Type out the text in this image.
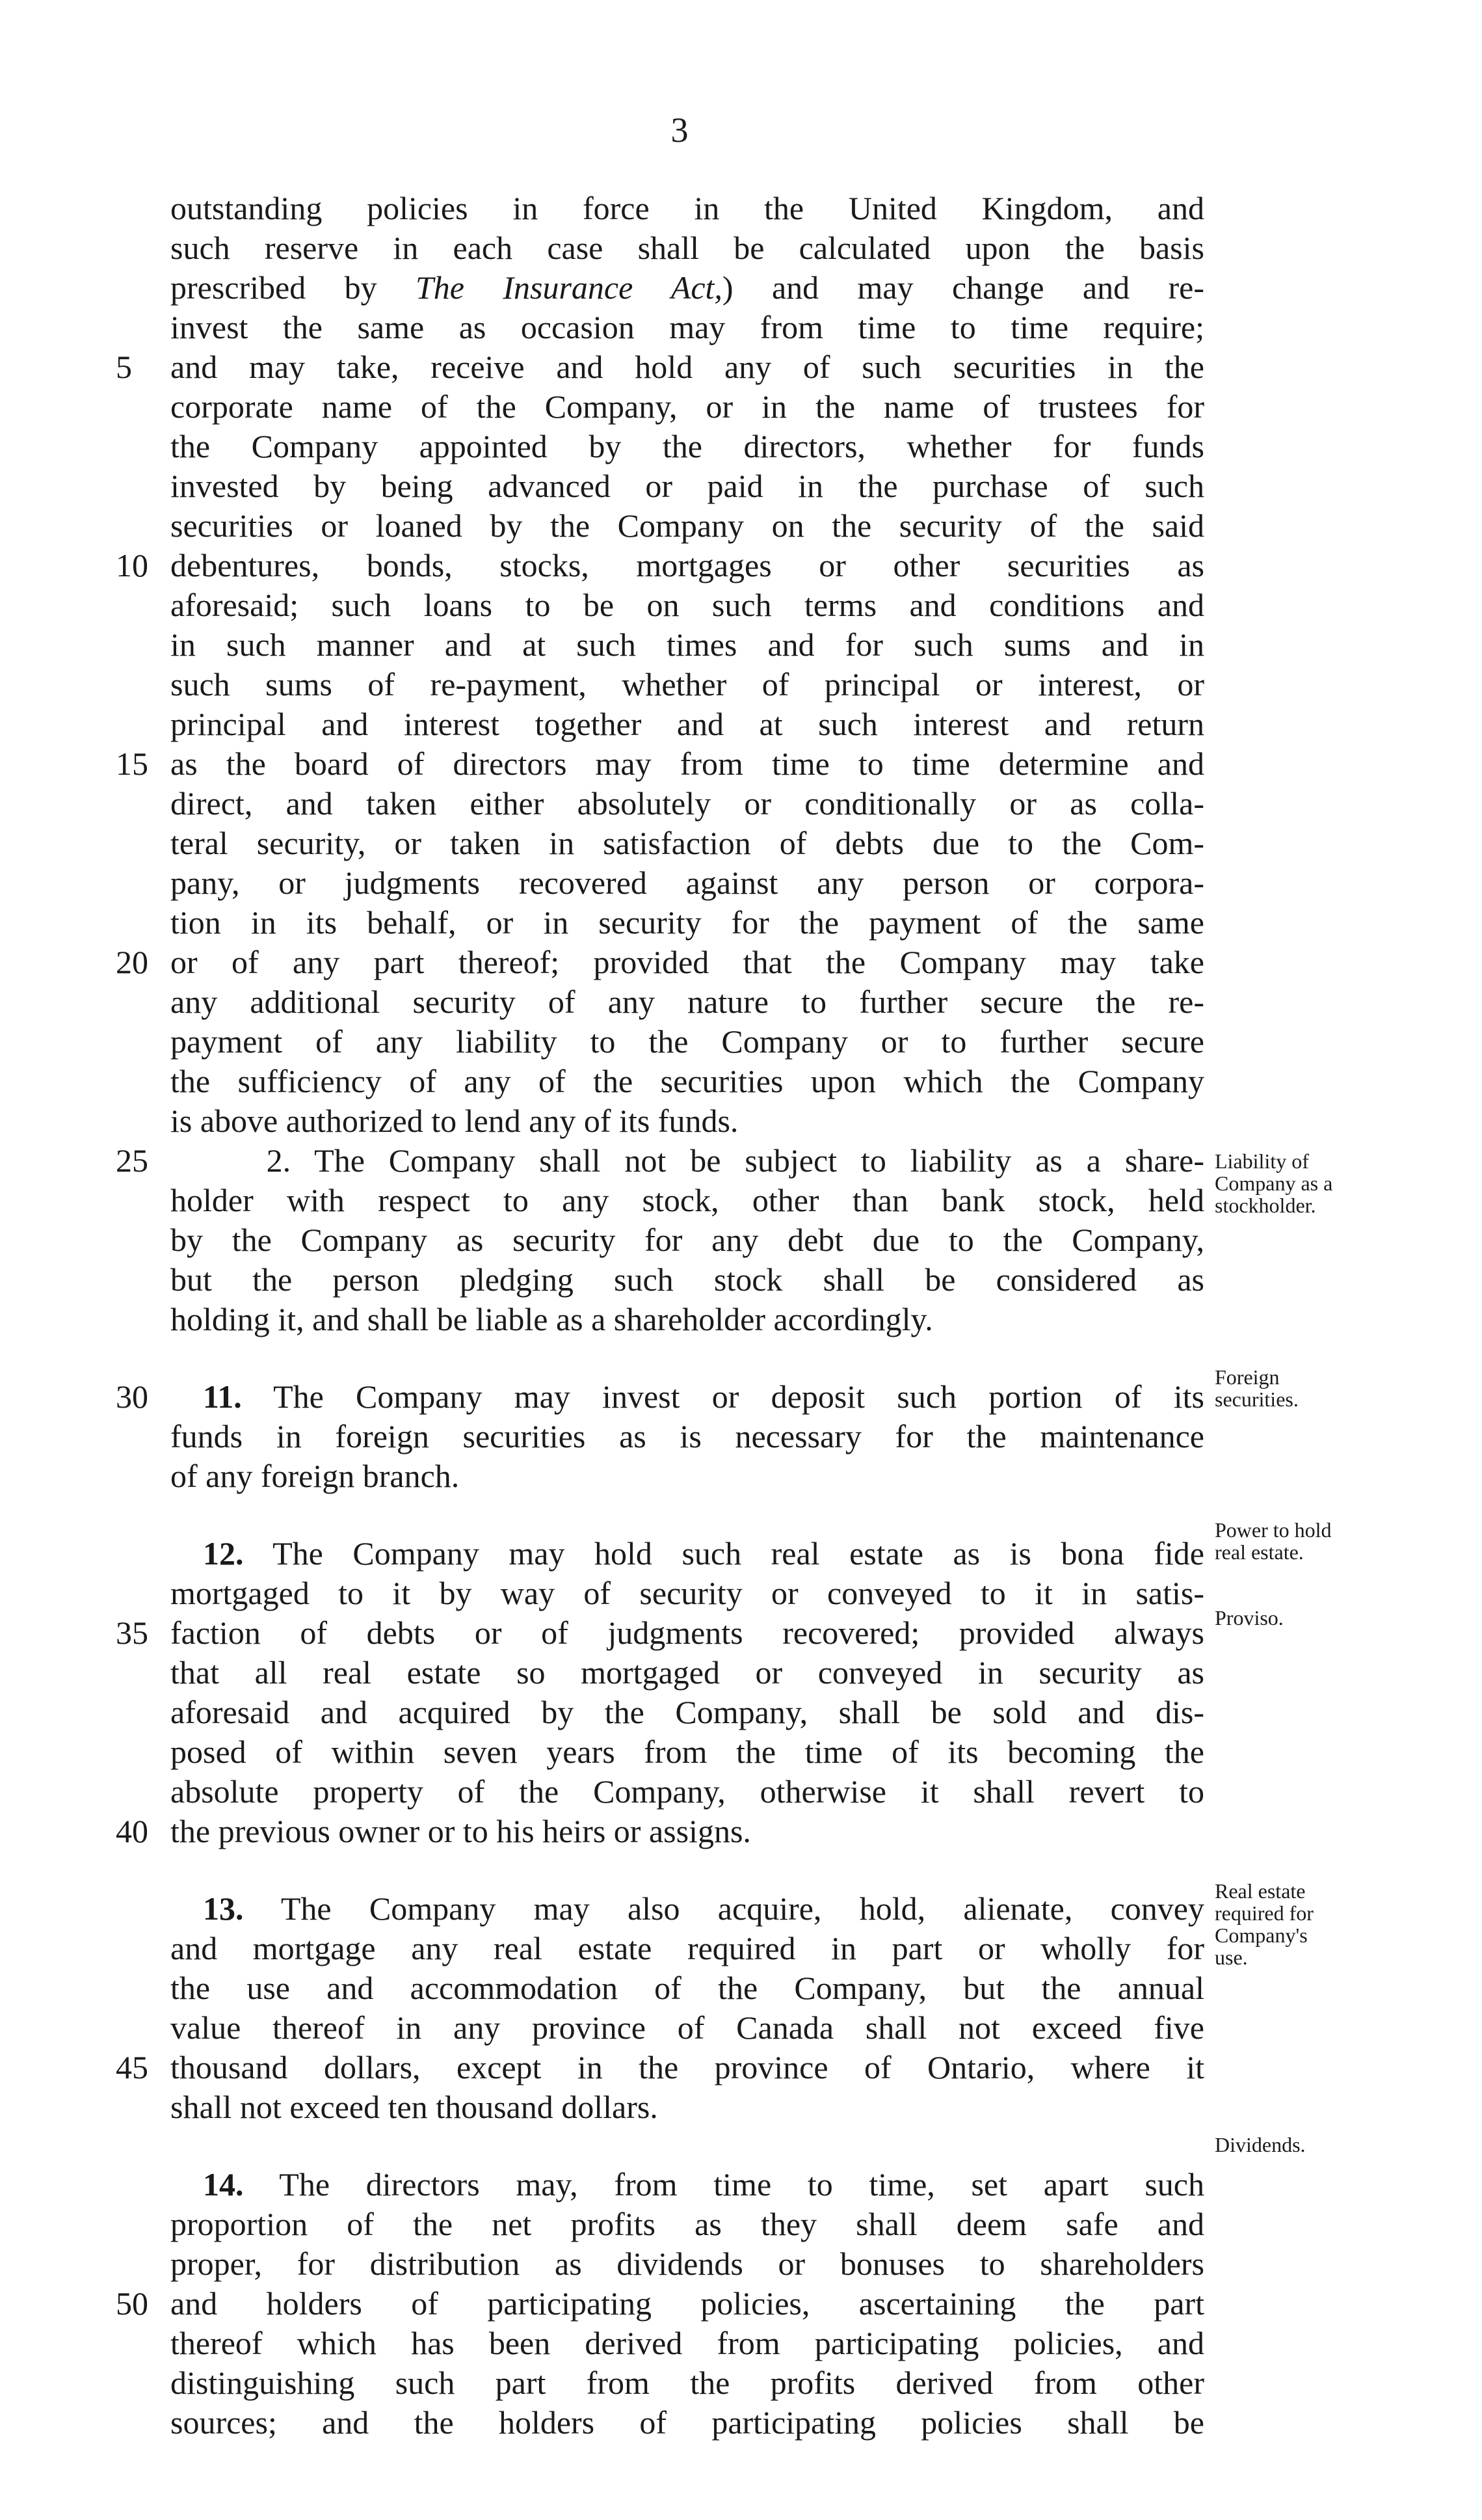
3
outstanding policies in force in the United Kingdom, and
such reserve in each case shall be calculated upon the basis
prescribed by The Insurance Act,) and may change and re-
invest the same as occasion may from time to time require;
5	and may take, receive and hold any of such securities in the
corporate name of the Company, or in the name of trustees for
the Company appointed by the directors, whether for funds
invested by being advanced or paid in the purchase of such
securities or loaned by the Company on the security of the said
10 debentures, bonds, stocks, mortgages or other securities as
aforesaid; such loans to be on such terms and conditions and
in such manner and at such times and for such sums and in
such sums of re-payment, whether of principal or interest, or
principal and interest together and at such interest and return
15 as the board of directors may from time to time determine and
direct, and taken either absolutely or conditionally or as colla-
teral security, or taken in satisfaction of debts due to the Com-
pany, or judgments recovered against any person or corpora-
tion in its behalf, or in security for the payment of the same
20 or of any part thereof; provided that the Company may take
any additional security of any nature to further secure the re-
payment of any liability to the Company or to further secure
the sufficiency of any of the securities upon which the Company
is above authorized to lend any of its funds.
25 2. The Company shall not be subject to liability as a share-
holder with respect to any stock, other than bank stock, held
by the Company as security for any debt due to the Company,
but the person pledging such stock shall be considered as
holding it, and shall be liable as a shareholder accordingly.
30
 	11. The Company may invest or deposit such portion of its
funds in foreign securities as is necessary for the maintenance
of any foreign branch.
 12. The Company may hold such real estate as is bona fide
mortgaged to it by way of security or conveyed to it in satis-
35 faction of debts or of judgments recovered; provided always
that all real estate so mortgaged or conveyed in security as
aforesaid and acquired by the Company, shall be sold and dis-
posed of within seven years from the time of its becoming the
absolute property of the Company, otherwise it shall revert to
40 the previous owner or to his heirs or assigns.
 13. The Company may also acquire, hold, alienate, convey
and mortgage any real estate required in part or wholly for
the use and accommodation of the Company, but the annual
value thereof in any province of Canada shall not exceed five
45 thousand dollars, except in the province of Ontario, where it
shall not exceed ten thousand dollars.
 14. The directors may, from time to time, set apart such
proportion of the net profits as they shall deem safe and
proper, for distribution as dividends or bonuses to shareholders
50 and holders of participating policies, ascertaining the part
thereof which has been derived from participating policies, and
distinguishing such part from the profits derived from other
sources; and the holders of participating policies shall be
Liability of
Company as a
stockholder.
Foreign
securities.
Power to hold
real estate.
Proviso.
Real estate
required for
Company's
use.
Dividends.
